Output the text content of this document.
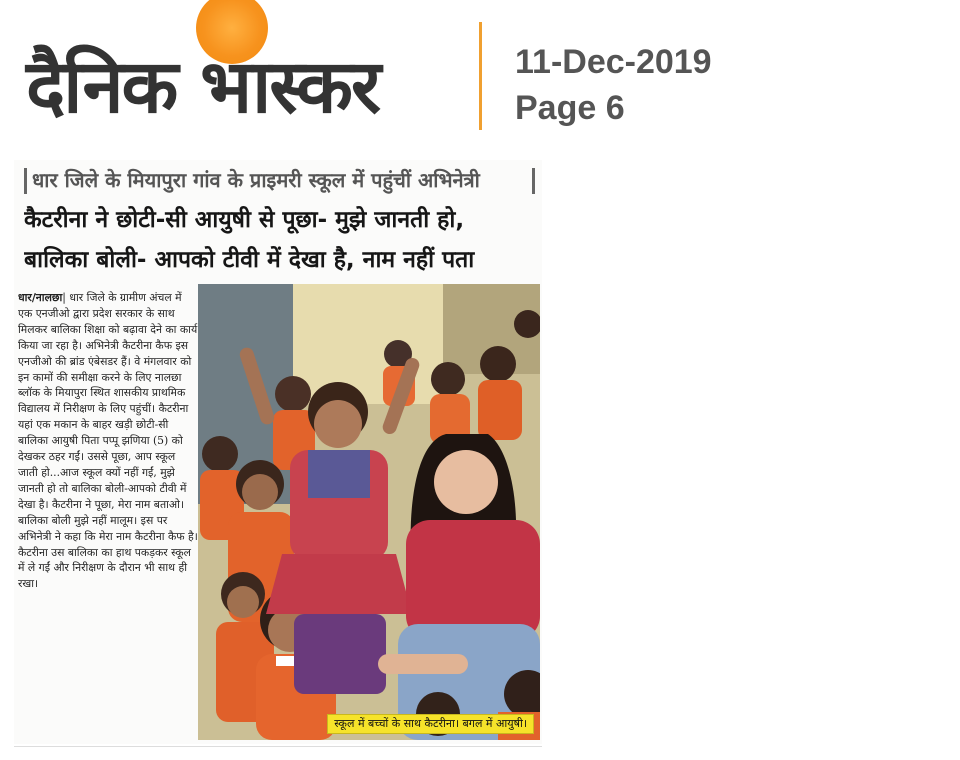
दैनिक भास्कर	11-Dec-2019
Page 6
धार जिले के मियापुरा गांव के प्राइमरी स्कूल में पहुंचीं अभिनेत्री
कैटरीना ने छोटी-सी आयुषी से पूछा- मुझे जानती हो,
बालिका बोली- आपको टीवी में देखा है, नाम नहीं पता
धार/नालछा| धार जिले के ग्रामीण अंचल में एक एनजीओ द्वारा प्रदेश सरकार के साथ मिलकर बालिका शिक्षा को बढ़ावा देने का कार्य किया जा रहा है। अभिनेत्री कैटरीना कैफ इस एनजीओ की ब्रांड एंबेसडर हैं। वे मंगलवार को इन कामों की समीक्षा करने के लिए नालछा ब्लॉक के मियापुरा स्थित शासकीय प्राथमिक विद्यालय में निरीक्षण के लिए पहुंचीं। कैटरीना यहां एक मकान के बाहर खड़ी छोटी-सी बालिका आयुषी पिता पप्पू झणिया (5) को देखकर ठहर गईं। उससे पूछा, आप स्कूल जाती हो...आज स्कूल क्यों नहीं गईं, मुझे जानती हो तो बालिका बोली-आपको टीवी में देखा है। कैटरीना ने पूछा, मेरा नाम बताओ। बालिका बोली मुझे नहीं मालूम। इस पर अभिनेत्री ने कहा कि मेरा नाम कैटरीना कैफ है। कैटरीना उस बालिका का हाथ पकड़कर स्कूल में ले गईं और निरीक्षण के दौरान भी साथ ही रखा।
स्कूल में बच्चों के साथ कैटरीना। बगल में आयुषी।
